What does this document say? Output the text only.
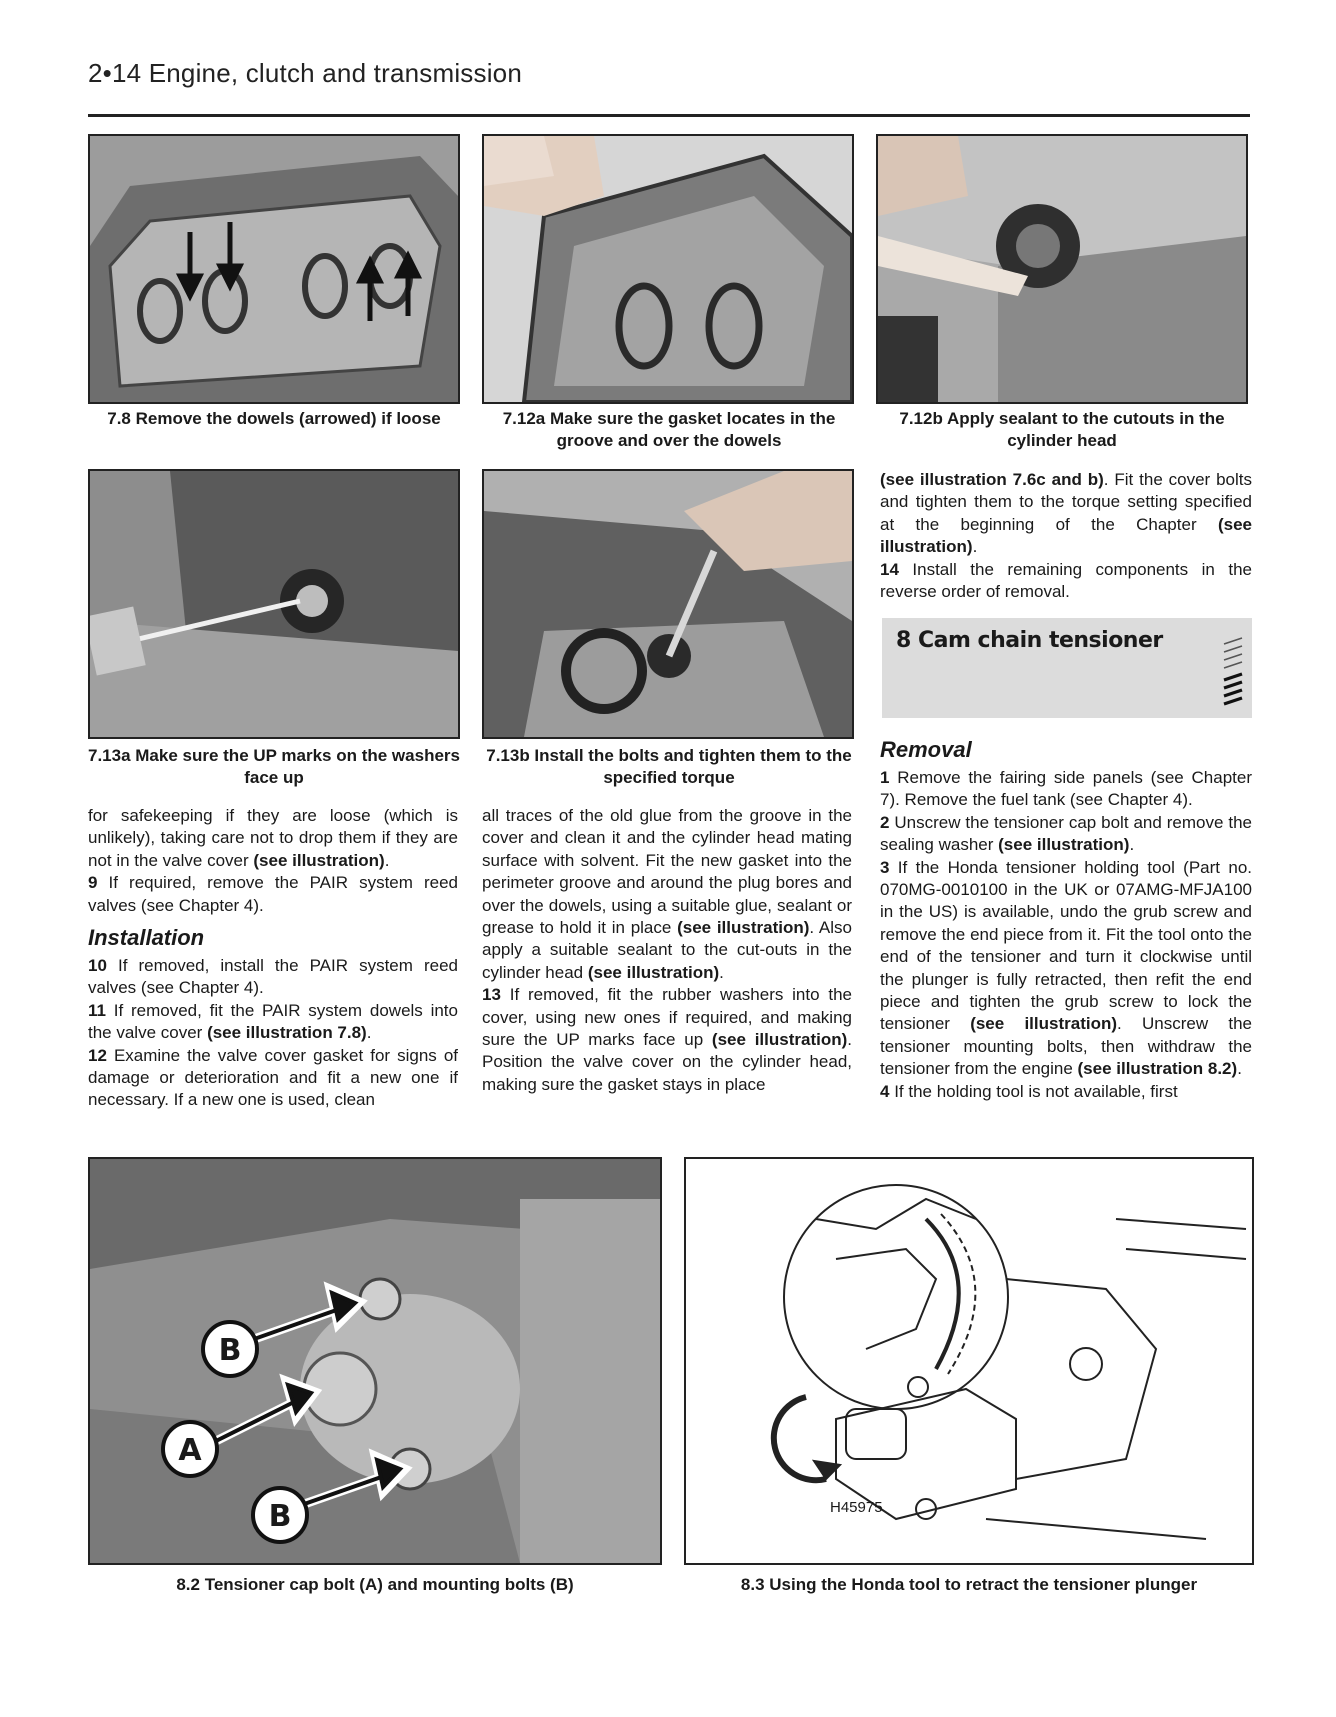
2•14 Engine, clutch and transmission
7.8 Remove the dowels (arrowed) if loose	7.12a Make sure the gasket locates in the groove and over the dowels
7.12b Apply sealant to the cutouts in the cylinder head
7.13a Make sure the UP marks on the washers face up
7.13b Install the bolts and tighten them to the specified torque

for safekeeping if they are loose (which is unlikely), taking care not to drop them if they are not in the valve cover (see illustration).

9 If required, remove the PAIR system reed valves (see Chapter 4).

Installation

10 If removed, install the PAIR system reed valves (see Chapter 4).

11 If removed, fit the PAIR system dowels into the valve cover (see illustration 7.8).

12 Examine the valve cover gasket for signs of damage or deterioration and fit a new one if necessary. If a new one is used, clean

all traces of the old glue from the groove in the cover and clean it and the cylinder head mating surface with solvent. Fit the new gasket into the perimeter groove and around the plug bores and over the dowels, using a suitable glue, sealant or grease to hold it in place (see illustration). Also apply a suitable sealant to the cut-outs in the cylinder head (see illustration).

13 If removed, fit the rubber washers into the cover, using new ones if required, and making sure the UP marks face up (see illustration). Position the valve cover on the cylinder head, making sure the gasket stays in place

(see illustration 7.6c and b). Fit the cover bolts and tighten them to the torque setting specified at the beginning of the Chapter (see illustration).

14 Install the remaining components in the reverse order of removal.

8 Cam chain tensioner
Removal

1 Remove the fairing side panels (see Chapter 7). Remove the fuel tank (see Chapter 4).

2 Unscrew the tensioner cap bolt and remove the sealing washer (see illustration).

3 If the Honda tensioner holding tool (Part no. 070MG-0010100 in the UK or 07AMG-MFJA100 in the US) is available, undo the grub screw and remove the end piece from it. Fit the tool onto the end of the tensioner and turn it clockwise until the plunger is fully retracted, then refit the end piece and tighten the grub screw to lock the tensioner (see illustration). Unscrew the tensioner mounting bolts, then withdraw the tensioner from the engine (see illustration 8.2).

4 If the holding tool is not available, first

B
A
B
8.2 Tensioner cap bolt (A) and mounting bolts (B)
H45975
8.3 Using the Honda tool to retract the tensioner plunger
